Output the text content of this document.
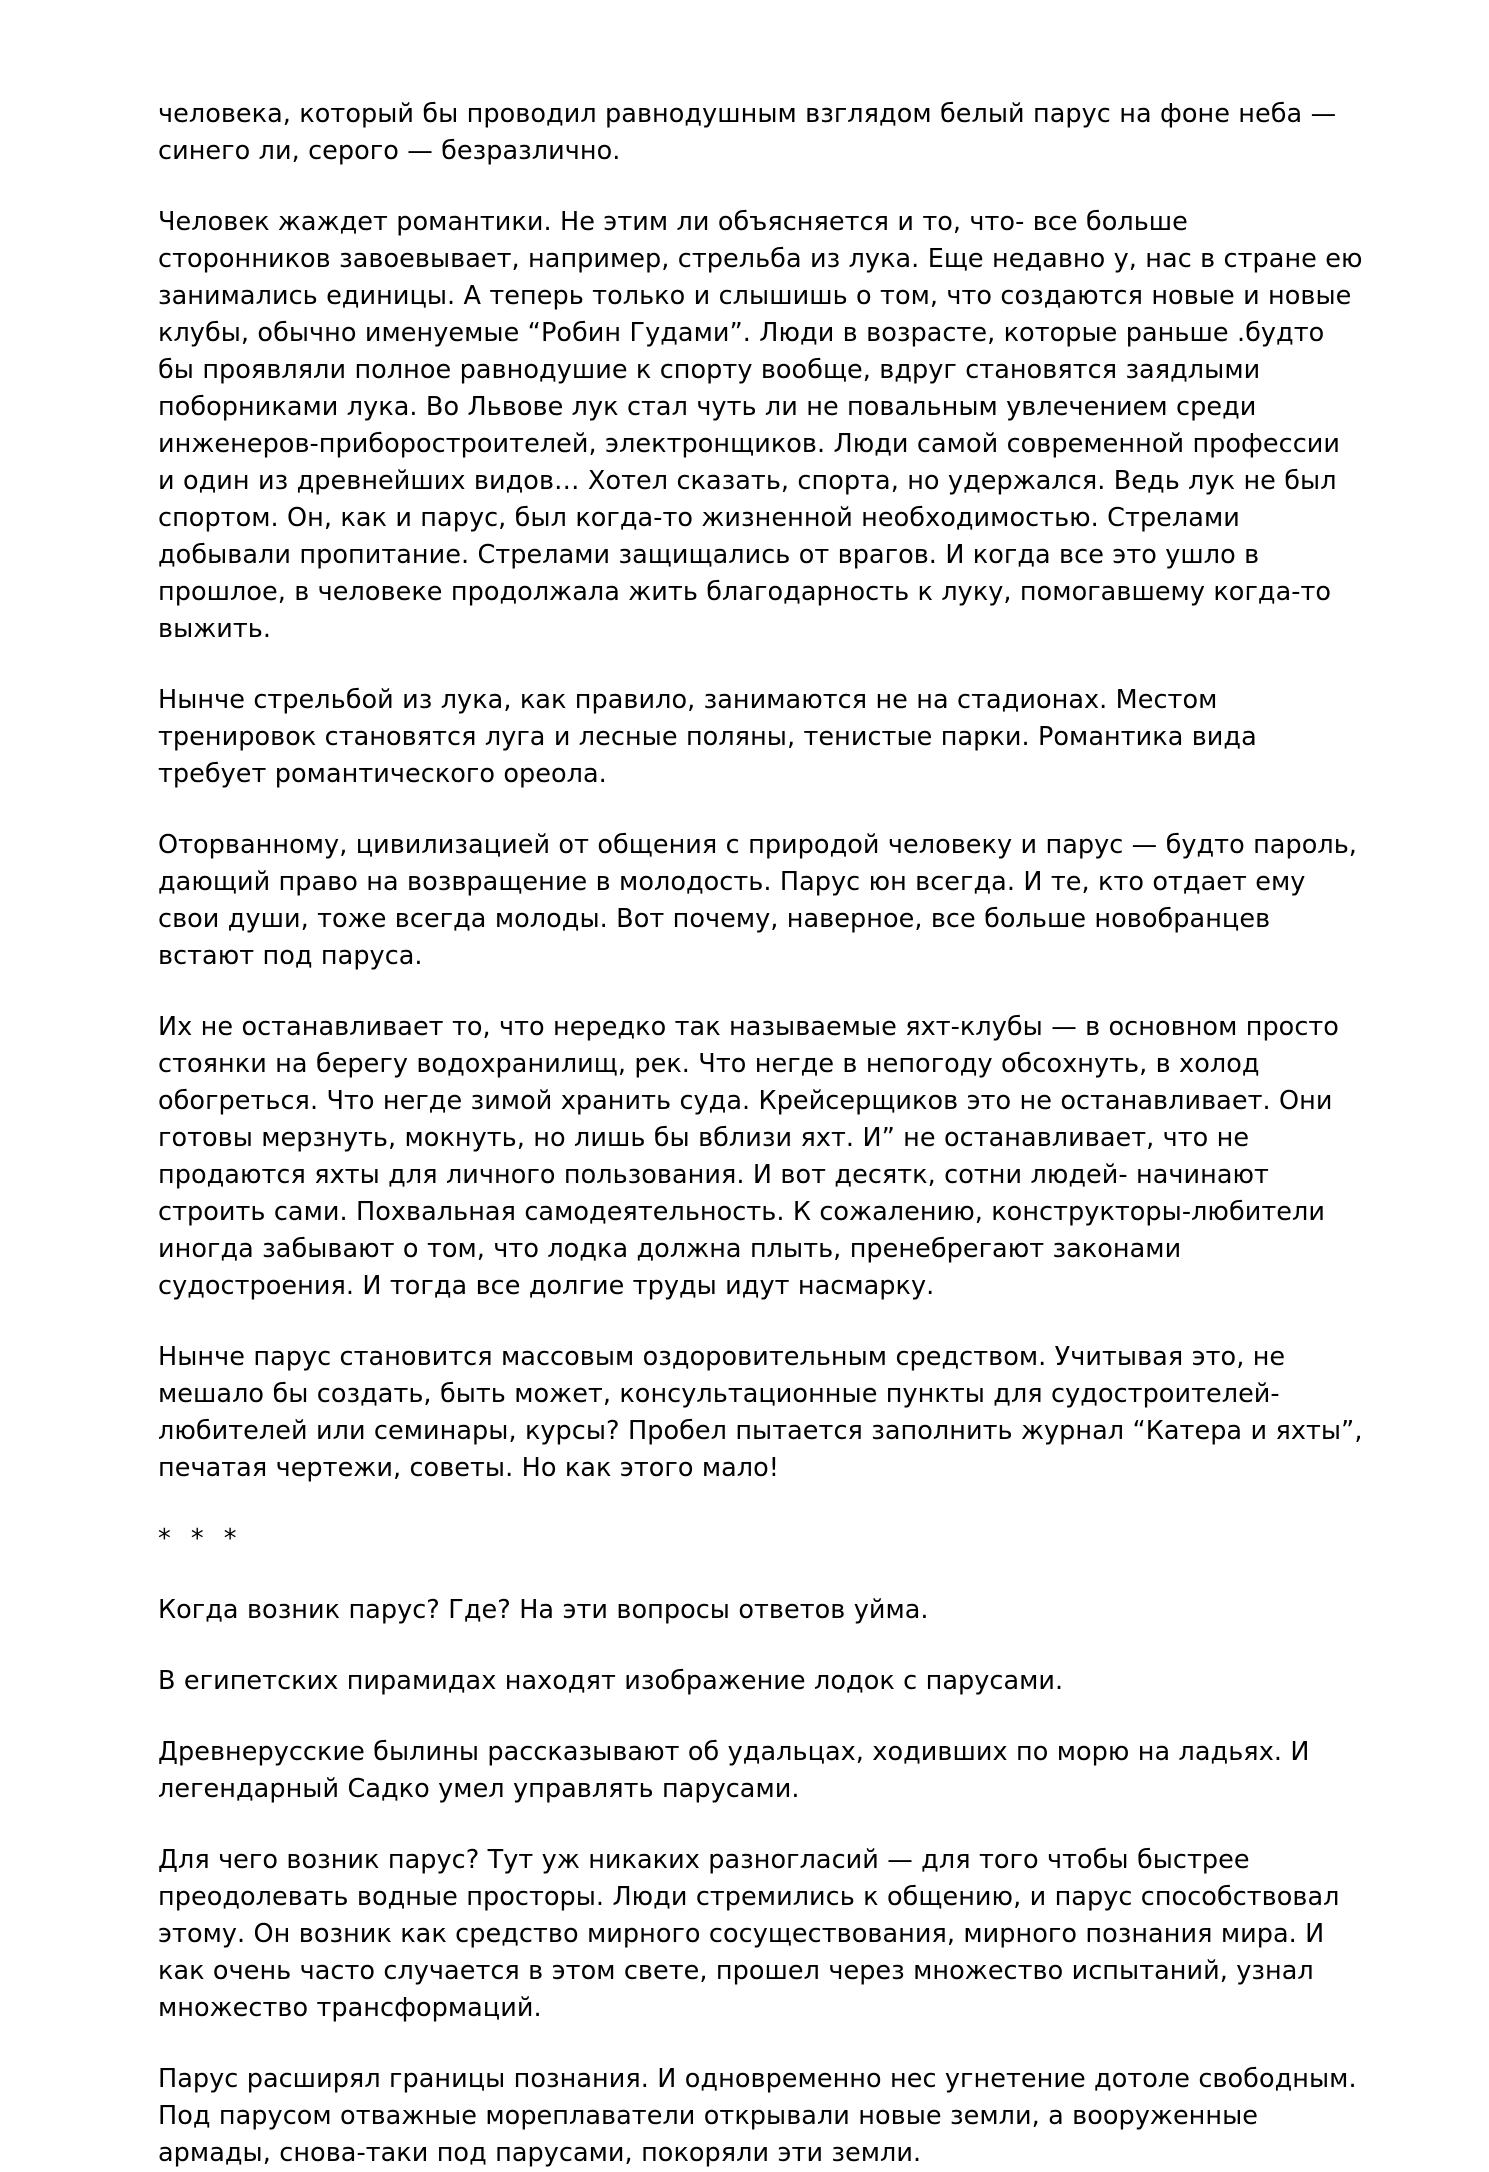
человека, который бы проводил равнодушным взглядом белый парус на фоне неба — синего ли, серого — безразлично.

Человек жаждет романтики. Не этим ли объясняется и то, что- все больше сторонников завоевывает, например, стрельба из лука. Еще недавно у, нас в стране ею занимались единицы. А теперь только и слышишь о том, что создаются новые и новые клубы, обычно именуемые “Робин Гудами”. Люди в возрасте, которые раньше .будто бы проявляли полное равнодушие к спорту вообще, вдруг становятся заядлыми поборниками лука. Во Львове лук стал чуть ли не повальным увлечением среди инженеров-приборостроителей, электронщиков. Люди самой современной профессии и один из древнейших видов… Хотел сказать, спорта, но удержался. Ведь лук не был спортом. Он, как и парус, был когда-то жизненной необходимостью. Стрелами добывали пропитание. Стрелами защищались от врагов. И когда все это ушло в прошлое, в человеке продолжала жить благодарность к луку, помогавшему когда-то выжить.

Нынче стрельбой из лука, как правило, занимаются не на стадионах. Местом тренировок становятся луга и лесные поляны, тенистые парки. Романтика вида требует романтического ореола.

Оторванному, цивилизацией от общения с природой человеку и парус — будто пароль, дающий право на возвращение в молодость. Парус юн всегда. И те, кто отдает ему свои души, тоже всегда молоды. Вот почему, наверное, все больше новобранцев встают под паруса.

Их не останавливает то, что нередко так называемые яхт-клубы — в основном просто стоянки на берегу водохранилищ, рек. Что негде в непогоду обсохнуть, в холод обогреться. Что негде зимой хранить суда. Крейсерщиков это не останавливает. Они готовы мерзнуть, мокнуть, но лишь бы вблизи яхт. И” не останавливает, что не продаются яхты для личного пользования. И вот десятк, сотни людей- начинают строить сами. Похвальная самодеятельность. К сожалению, конструкторы-любители иногда забывают о том, что лодка должна плыть, пренебрегают законами судостроения. И тогда все долгие труды идут насмарку.

Нынче парус становится массовым оздоровительным средством. Учитывая это, не мешало бы создать, быть может, консультационные пункты для судостроителей-любителей или семинары, курсы? Пробел пытается заполнить журнал “Катера и яхты”, печатая чертежи, советы. Но как этого мало!

* * *

Когда возник парус? Где? На эти вопросы ответов уйма.

В египетских пирамидах находят изображение лодок с парусами.

Древнерусские былины рассказывают об удальцах, ходивших по морю на ладьях. И легендарный Садко умел управлять парусами.

Для чего возник парус? Тут уж никаких разногласий — для того чтобы быстрее преодолевать водные просторы. Люди стремились к общению, и парус способствовал этому. Он возник как средство мирного сосуществования, мирного познания мира. И как очень часто случается в этом свете, прошел через множество испытаний, узнал множество трансформаций.

Парус расширял границы познания. И одновременно нес угнетение дотоле свободным. Под парусом отважные мореплаватели открывали новые земли, а вооруженные армады, снова-таки под парусами, покоряли эти земли.
